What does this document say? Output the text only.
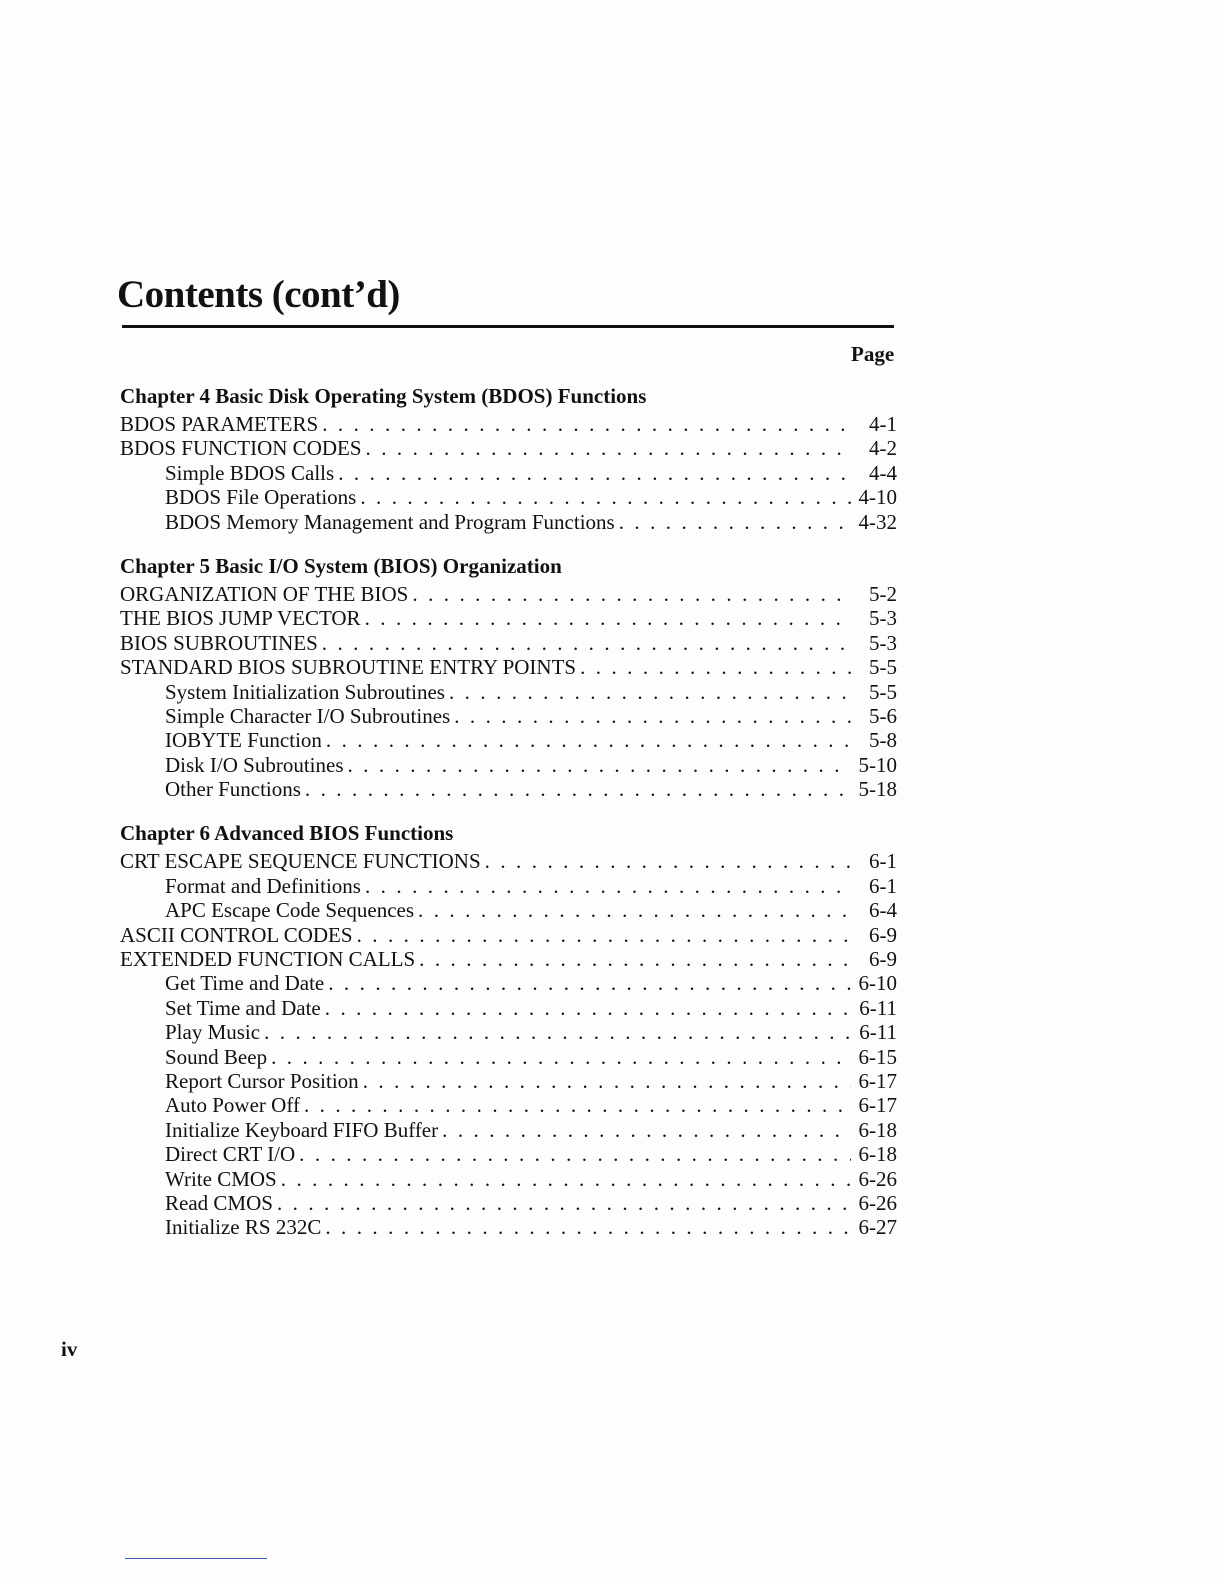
Contents (cont’d)
Page
Chapter 4 Basic Disk Operating System (BDOS) Functions
BDOS PARAMETERS . . .	4-1
BDOS FUNCTION CODES . . .	4-2
Simple BDOS Calls . . .	4-4
BDOS File Operations . . .	4-10
BDOS Memory Management and Program Functions . . .	4-32
Chapter 5 Basic I/O System (BIOS) Organization
ORGANIZATION OF THE BIOS . . .	5-2
THE BIOS JUMP VECTOR . . .	5-3
BIOS SUBROUTINES . . .	5-3
STANDARD BIOS SUBROUTINE ENTRY POINTS . . .	5-5
System Initialization Subroutines . . .	5-5
Simple Character I/O Subroutines . . .	5-6
IOBYTE Function . . .	5-8
Disk I/O Subroutines . . .	5-10
Other Functions . . .	5-18
Chapter 6 Advanced BIOS Functions
CRT ESCAPE SEQUENCE FUNCTIONS . . .	6-1
Format and Definitions . . .	6-1
APC Escape Code Sequences . . .	6-4
ASCII CONTROL CODES . . .	6-9
EXTENDED FUNCTION CALLS . . .	6-9
Get Time and Date . . .	6-10
Set Time and Date . . .	6-11
Play Music . . .	6-11
Sound Beep . . .	6-15
Report Cursor Position . . .	6-17
Auto Power Off . . .	6-17
Initialize Keyboard FIFO Buffer . . .	6-18
Direct CRT I/O . . .	6-18
Write CMOS . . .	6-26
Read CMOS . . .	6-26
Initialize RS 232C . . .	6-27
iv
